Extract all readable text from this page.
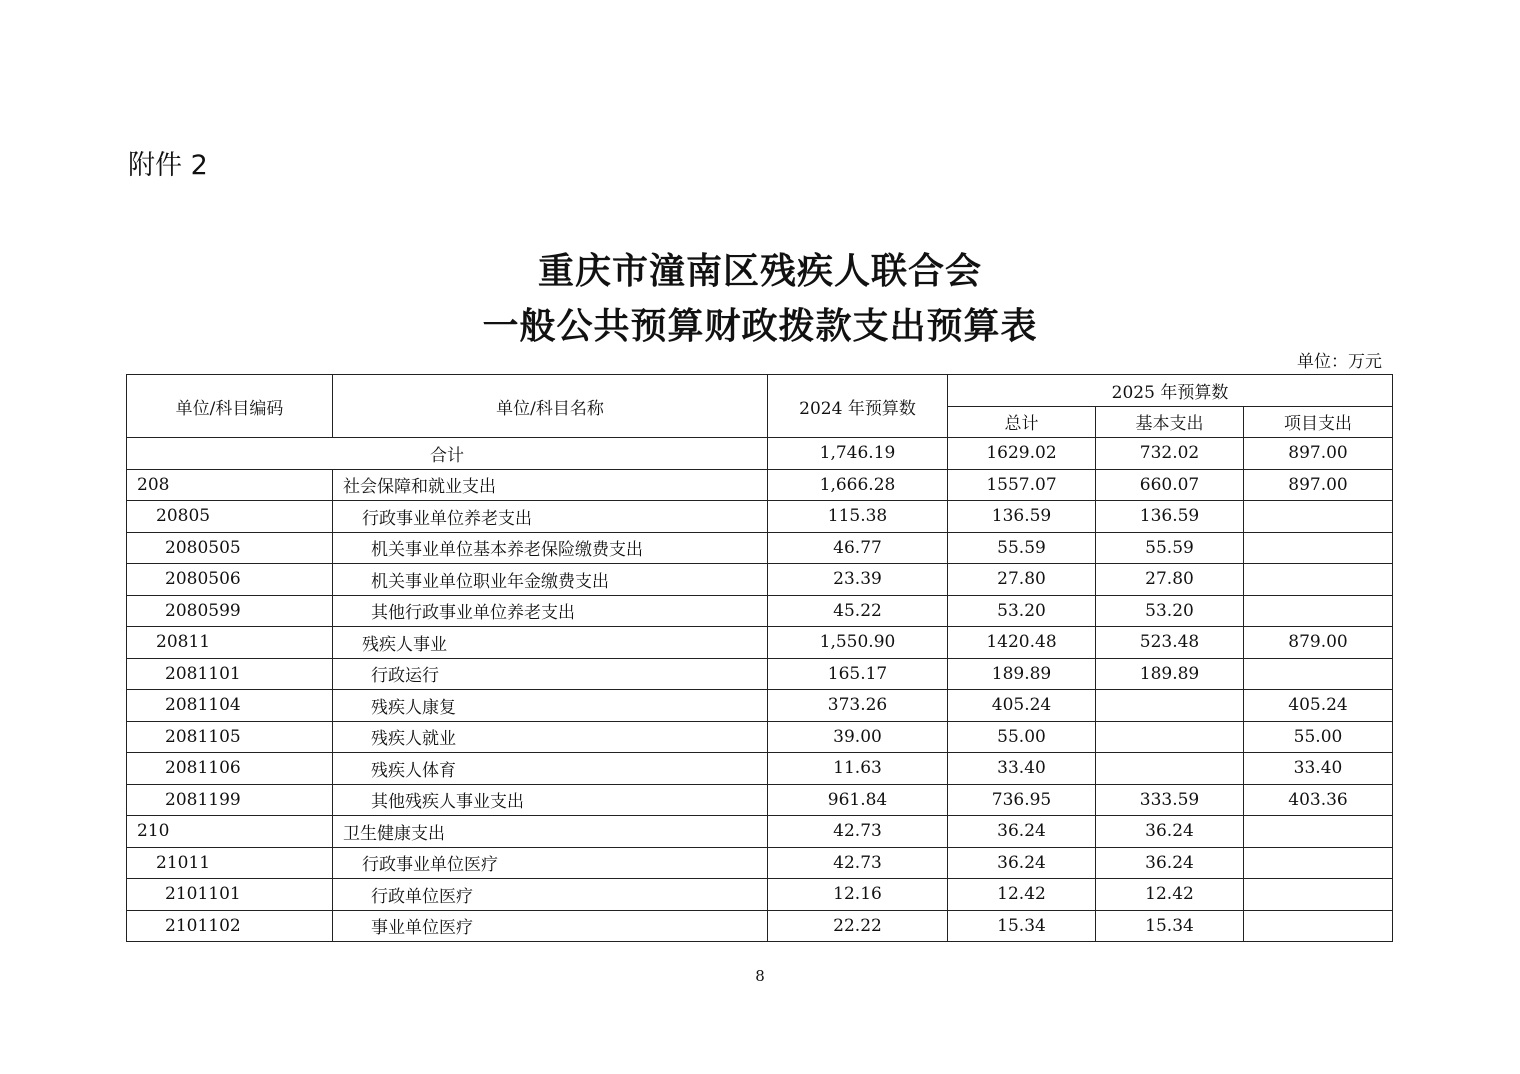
附件 2
重庆市潼南区残疾人联合会
一般公共预算财政拨款支出预算表
单位：万元
单位/科目编码	单位/科目名称	2024 年预算数	2025 年预算数		
			总计	基本支出	项目支出
合计		1,746.19	1629.02	732.02	897.00
208	社会保障和就业支出	1,666.28	1557.07	660.07	897.00
20805	行政事业单位养老支出	115.38	136.59	136.59	
2080505	机关事业单位基本养老保险缴费支出	46.77	55.59	55.59	
2080506	机关事业单位职业年金缴费支出	23.39	27.80	27.80	
2080599	其他行政事业单位养老支出	45.22	53.20	53.20	
20811	残疾人事业	1,550.90	1420.48	523.48	879.00
2081101	行政运行	165.17	189.89	189.89	
2081104	残疾人康复	373.26	405.24		405.24
2081105	残疾人就业	39.00	55.00		55.00
2081106	残疾人体育	11.63	33.40		33.40
2081199	其他残疾人事业支出	961.84	736.95	333.59	403.36
210	卫生健康支出	42.73	36.24	36.24	
21011	行政事业单位医疗	42.73	36.24	36.24	
2101101	行政单位医疗	12.16	12.42	12.42	
2101102	事业单位医疗	22.22	15.34	15.34	
8
